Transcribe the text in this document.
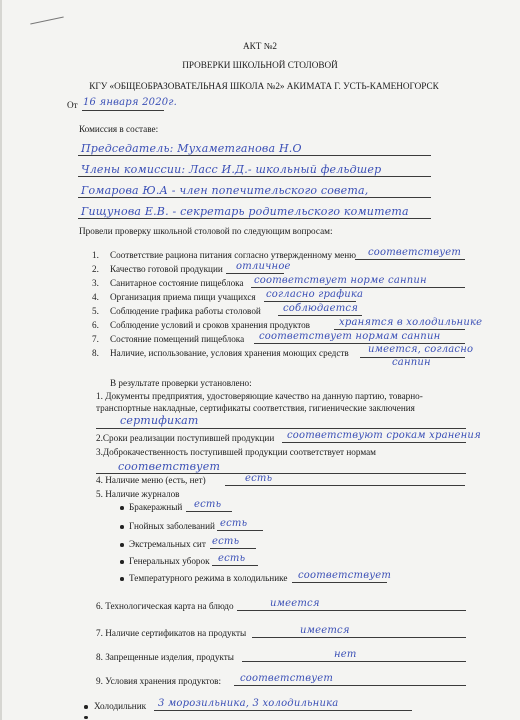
АКТ №2
ПРОВЕРКИ ШКОЛЬНОЙ СТОЛОВОЙ
КГУ «ОБЩЕОБРАЗОВАТЕЛЬНАЯ ШКОЛА №2» АКИМАТА Г. УСТЬ-КАМЕНОГОРСК
От 16 января 2020г.
Комиссия в составе:
Председатель: Мухаметганова Н.О
Члены комиссии: Ласс И.Д.- школьный фельдшер
Гомарова Ю.А - член попечительского совета,
Гищунова Е.В. - секретарь родительского комитета
Провели проверку школьной столовой по следующим вопросам:
1. Соответствие рациона питания согласно утвержденному меню соответствует
2. Качество готовой продукции отличное
3. Санитарное состояние пищеблока соответствует норме санпин
4. Организация приема пищи учащихся согласно графика
5. Соблюдение графика работы столовой соблюдается
6. Соблюдение условий и сроков хранения продуктов	хранятся в холодильнике
7. Состояние помещений пищеблока соответствует нормам санпин
8. Наличие, использование, условия хранения моющих средств имеется, согласно
санпин
В результате проверки установлено:
1. Документы предприятия, удостоверяющие качество на данную партию, товарно-
транспортные накладные, сертификаты соответствия, гигиенические заключения
сертификат
2.Сроки реализации поступившей продукции соответствуют срокам хранения
3.Доброкачественность поступившей продукции соответствует нормам
соответствует
4. Наличие меню (есть, нет)	есть
5. Наличие журналов
Бракеражный есть
Гнойных заболеваний есть
Экстремальных сит есть
Генеральных уборок есть
Температурного режима в холодильнике соответствует
6. Технологическая карта на блюдо	имеется
7. Наличие сертификатов на продукты	имеется
8. Запрещенные изделия, продукты	нет
9. Условия хранения продуктов: соответствует
Холодильник 3 морозильника, 3 холодильника
